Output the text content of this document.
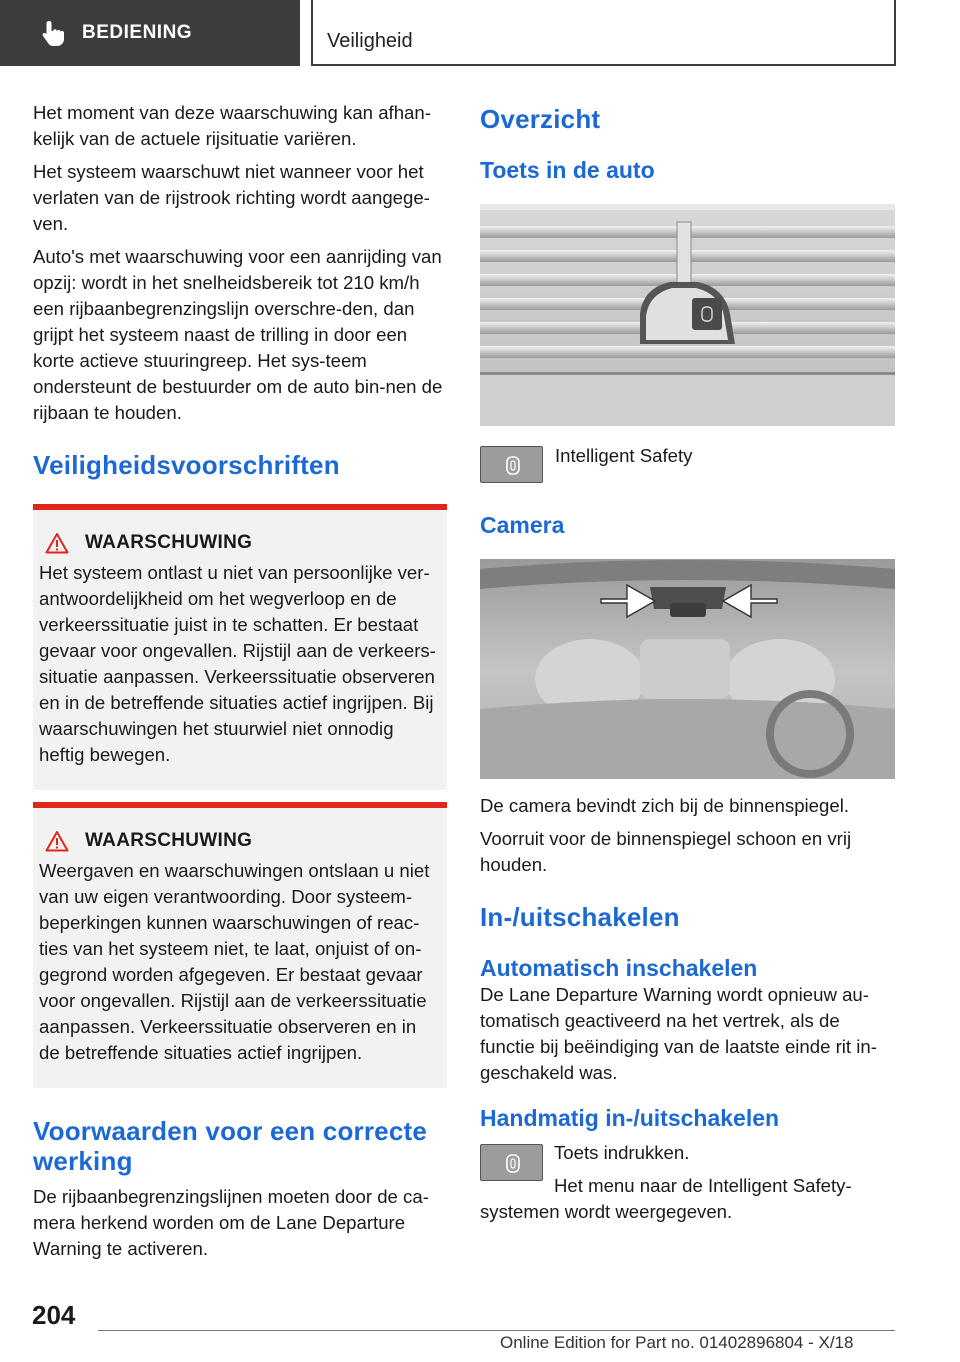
BEDIENING	Veiligheid

Het moment van deze waarschuwing kan afhan-kelijk van de actuele rijsituatie variëren.

Het systeem waarschuwt niet wanneer voor het verlaten van de rijstrook richting wordt aangege-ven.

Auto's met waarschuwing voor een aanrijding van opzij: wordt in het snelheidsbereik tot 210 km/h een rijbaanbegrenzingslijn overschre-den, dan grijpt het systeem naast de trilling in door een korte actieve stuuringreep. Het sys-teem ondersteunt de bestuurder om de auto bin-nen de rijbaan te houden.

Veiligheidsvoorschriften
WAARSCHUWING

Het systeem ontlast u niet van persoonlijke ver-antwoordelijkheid om het wegverloop en de verkeerssituatie juist in te schatten. Er bestaat gevaar voor ongevallen. Rijstijl aan de verkeers-situatie aanpassen. Verkeerssituatie observeren en in de betreffende situaties actief ingrijpen. Bij waarschuwingen het stuurwiel niet onnodig heftig bewegen.

WAARSCHUWING

Weergaven en waarschuwingen ontslaan u niet van uw eigen verantwoording. Door systeem-beperkingen kunnen waarschuwingen of reac-ties van het systeem niet, te laat, onjuist of on-gegrond worden afgegeven. Er bestaat gevaar voor ongevallen. Rijstijl aan de verkeerssituatie aanpassen. Verkeerssituatie observeren en in de betreffende situaties actief ingrijpen.

Voorwaarden voor een correcte werking

De rijbaanbegrenzingslijnen moeten door de ca-mera herkend worden om de Lane Departure Warning te activeren.

Overzicht
Toets in de auto
Intelligent Safety
Camera

De camera bevindt zich bij de binnenspiegel.

Voorruit voor de binnenspiegel schoon en vrij houden.

In-/uitschakelen
Automatisch inschakelen

De Lane Departure Warning wordt opnieuw au-tomatisch geactiveerd na het vertrek, als de functie bij beëindiging van de laatste einde rit in-geschakeld was.

Handmatig in-/uitschakelen

Toets indrukken.

Het menu naar de Intelligent Safety-systemen wordt weergegeven.

204
Online Edition for Part no. 01402896804 - X/18
